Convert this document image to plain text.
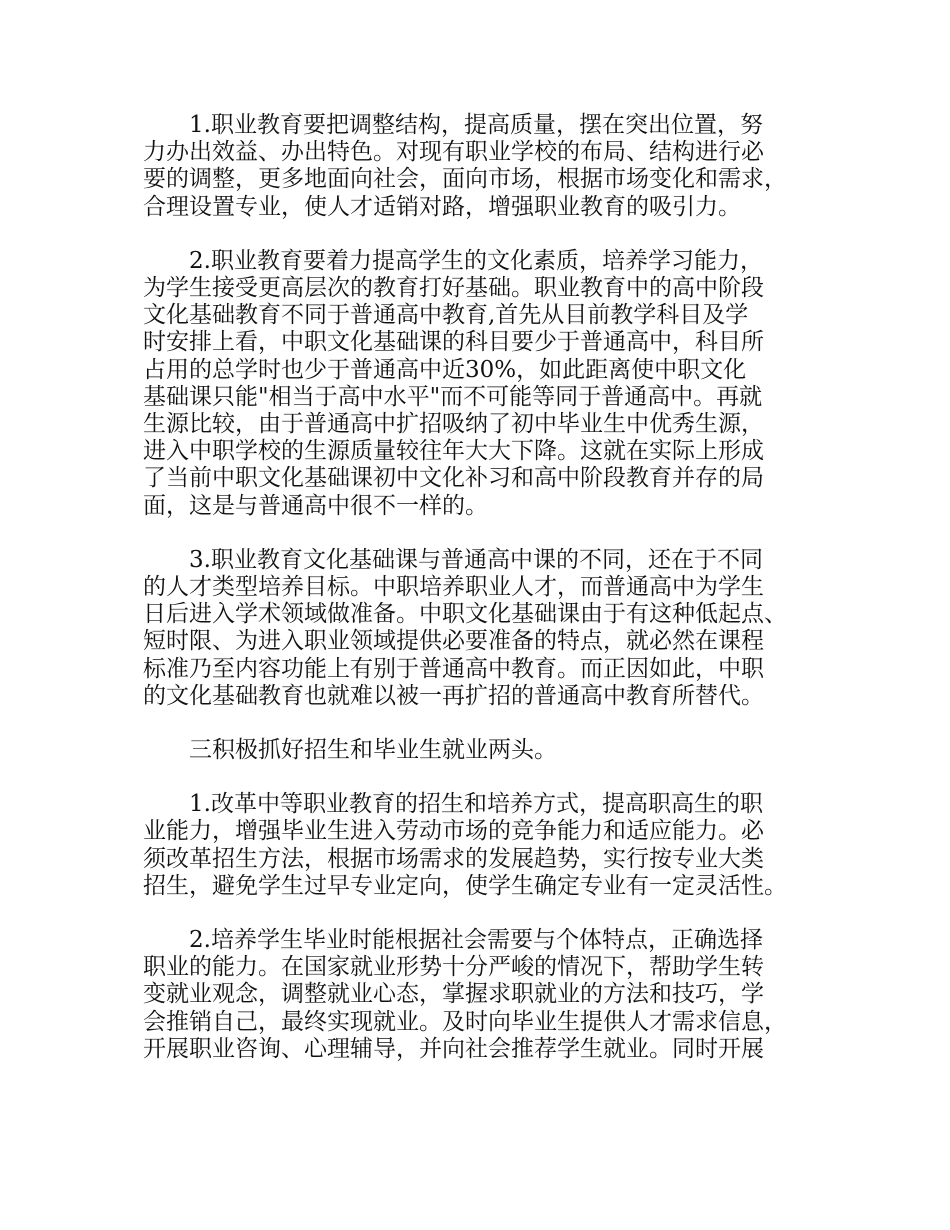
1.职业教育要把调整结构，提高质量，摆在突出位置，努
力办出效益、办出特色。对现有职业学校的布局、结构进行必
要的调整，更多地面向社会，面向市场，根据市场变化和需求，
合理设置专业，使人才适销对路，增强职业教育的吸引力。
2.职业教育要着力提高学生的文化素质，培养学习能力，
为学生接受更高层次的教育打好基础。职业教育中的高中阶段
文化基础教育不同于普通高中教育,首先从目前教学科目及学
时安排上看，中职文化基础课的科目要少于普通高中，科目所
占用的总学时也少于普通高中近30%，如此距离使中职文化
基础课只能"相当于高中水平"而不可能等同于普通高中。再就
生源比较，由于普通高中扩招吸纳了初中毕业生中优秀生源，
进入中职学校的生源质量较往年大大下降。这就在实际上形成
了当前中职文化基础课初中文化补习和高中阶段教育并存的局
面，这是与普通高中很不一样的。
3.职业教育文化基础课与普通高中课的不同，还在于不同
的人才类型培养目标。中职培养职业人才，而普通高中为学生
日后进入学术领域做准备。中职文化基础课由于有这种低起点、
短时限、为进入职业领域提供必要准备的特点，就必然在课程
标准乃至内容功能上有别于普通高中教育。而正因如此，中职
的文化基础教育也就难以被一再扩招的普通高中教育所替代。
三积极抓好招生和毕业生就业两头。
1.改革中等职业教育的招生和培养方式，提高职高生的职
业能力，增强毕业生进入劳动市场的竞争能力和适应能力。必
须改革招生方法，根据市场需求的发展趋势，实行按专业大类
招生，避免学生过早专业定向，使学生确定专业有一定灵活性。
2.培养学生毕业时能根据社会需要与个体特点，正确选择
职业的能力。在国家就业形势十分严峻的情况下，帮助学生转
变就业观念，调整就业心态，掌握求职就业的方法和技巧，学
会推销自己，最终实现就业。及时向毕业生提供人才需求信息，
开展职业咨询、心理辅导，并向社会推荐学生就业。同时开展
